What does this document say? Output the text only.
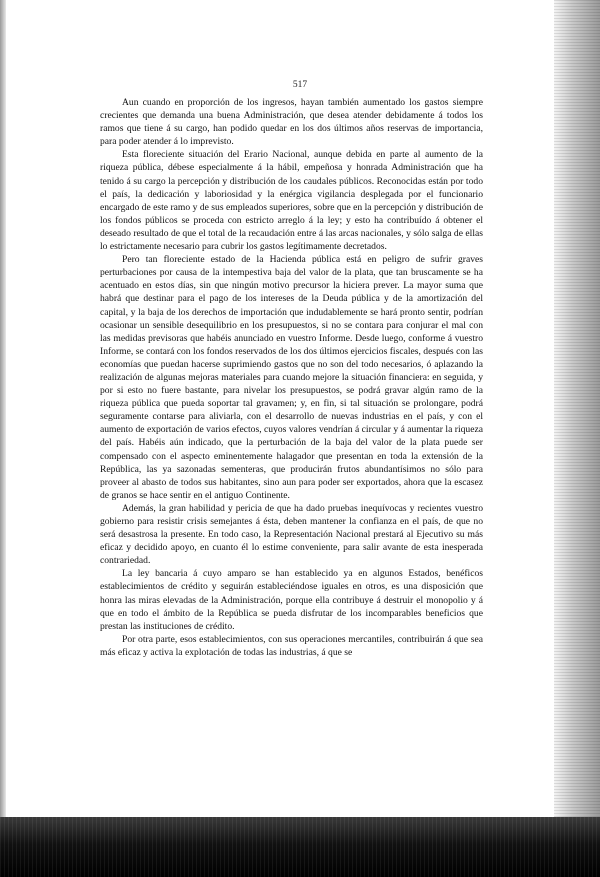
517

Aun cuando en proporción de los ingresos, hayan también aumentado los gastos siempre crecientes que demanda una buena Administración, que desea atender debidamente á todos los ramos que tiene á su cargo, han podido quedar en los dos últimos años reservas de importancia, para poder atender á lo imprevisto.

Esta floreciente situación del Erario Nacional, aunque debida en parte al aumento de la riqueza pública, débese especialmente á la hábil, empeñosa y honrada Administración que ha tenido á su cargo la percepción y distribución de los caudales públicos. Reconocidas están por todo el país, la dedicación y laboriosidad y la enérgica vigilancia desplegada por el funcionario encargado de este ramo y de sus empleados superiores, sobre que en la percepción y distribución de los fondos públicos se proceda con estricto arreglo á la ley; y esto ha contribuído á obtener el deseado resultado de que el total de la recaudación entre á las arcas nacionales, y sólo salga de ellas lo estrictamente necesario para cubrir los gastos legítimamente decretados.

Pero tan floreciente estado de la Hacienda pública está en peligro de sufrir graves perturbaciones por causa de la intempestiva baja del valor de la plata, que tan bruscamente se ha acentuado en estos días, sin que ningún motivo precursor la hiciera prever. La mayor suma que habrá que destinar para el pago de los intereses de la Deuda pública y de la amortización del capital, y la baja de los derechos de importación que indudablemente se hará pronto sentir, podrían ocasionar un sensible desequilibrio en los presupuestos, si no se contara para conjurar el mal con las medidas previsoras que habéis anunciado en vuestro Informe. Desde luego, conforme á vuestro Informe, se contará con los fondos reservados de los dos últimos ejercicios fiscales, después con las economías que puedan hacerse suprimiendo gastos que no son del todo necesarios, ó aplazando la realización de algunas mejoras materiales para cuando mejore la situación financiera: en seguida, y por si esto no fuere bastante, para nivelar los presupuestos, se podrá gravar algún ramo de la riqueza pública que pueda soportar tal gravamen; y, en fin, si tal situación se prolongare, podrá seguramente contarse para aliviarla, con el desarrollo de nuevas industrias en el país, y con el aumento de exportación de varios efectos, cuyos valores vendrían á circular y á aumentar la riqueza del país. Habéis aún indicado, que la perturbación de la baja del valor de la plata puede ser compensado con el aspecto eminentemente halagador que presentan en toda la extensión de la República, las ya sazonadas sementeras, que producirán frutos abundantísimos no sólo para proveer al abasto de todos sus habitantes, sino aun para poder ser exportados, ahora que la escasez de granos se hace sentir en el antiguo Continente.

Además, la gran habilidad y pericia de que ha dado pruebas inequívocas y recientes vuestro gobierno para resistir crisis semejantes á ésta, deben mantener la confianza en el país, de que no será desastrosa la presente. En todo caso, la Representación Nacional prestará al Ejecutivo su más eficaz y decidido apoyo, en cuanto él lo estime conveniente, para salir avante de esta inesperada contrariedad.

La ley bancaria á cuyo amparo se han establecido ya en algunos Estados, benéficos establecimientos de crédito y seguirán estableciéndose iguales en otros, es una disposición que honra las miras elevadas de la Administración, porque ella contribuye á destruir el monopolio y á que en todo el ámbito de la República se pueda disfrutar de los incomparables beneficios que prestan las instituciones de crédito.

Por otra parte, esos establecimientos, con sus operaciones mercantiles, contribuirán á que sea más eficaz y activa la explotación de todas las industrias, á que se
